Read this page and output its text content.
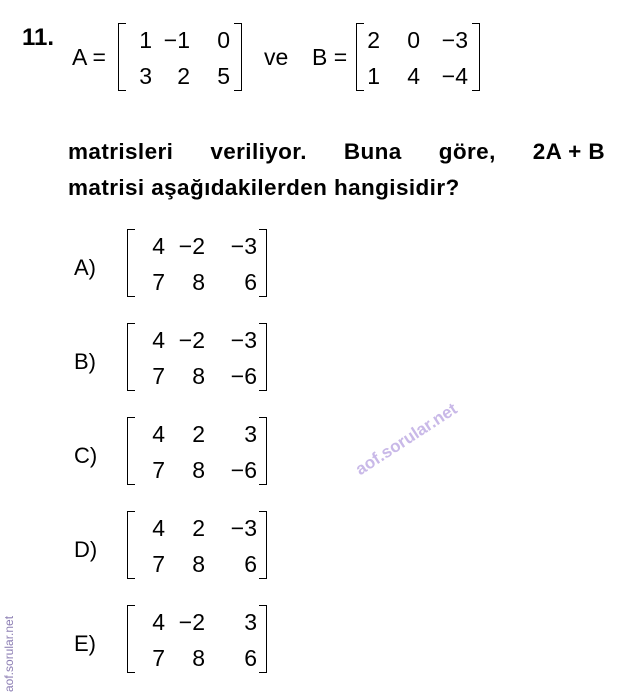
11.
A =
1 −1	0
3	2	5
ve B =
2	0 −3
1	4 −4
matrisleri veriliyor. Buna göre, 2A + B
matrisi aşağıdakilerden hangisidir?
A)
4 −2	−3
7	8	6
B)
4 −2	−3
7	8	−6
C)
4	2	3
7	8	−6
D)
4	2	−3
7	8	6
E)
4 −2	3
7	8	6
aof.sorular.net
aof.sorular.net
